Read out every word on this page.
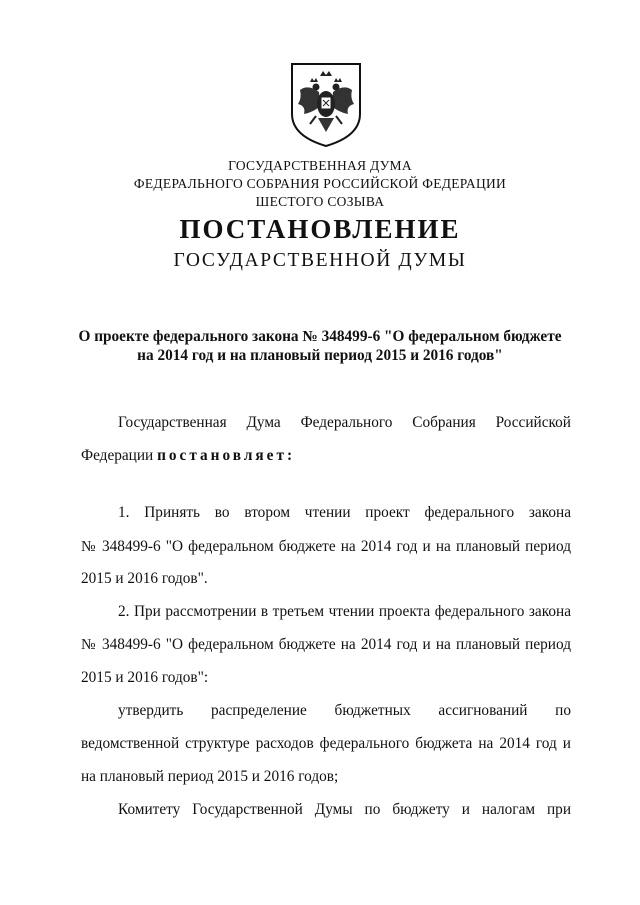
ГОСУДАРСТВЕННАЯ ДУМА
ФЕДЕРАЛЬНОГО СОБРАНИЯ РОССИЙСКОЙ ФЕДЕРАЦИИ
ШЕСТОГО СОЗЫВА
ПОСТАНОВЛЕНИЕ
ГОСУДАРСТВЕННОЙ ДУМЫ
О проекте федерального закона № 348499-6 "О федеральном бюджете
на 2014 год и на плановый период 2015 и 2016 годов"
Государственная Дума Федерального Собрания Российской
Федерации постановляет:
1. Принять во втором чтении проект федерального закона
№ 348499-6 "О федеральном бюджете на 2014 год и на плановый период
2015 и 2016 годов".
2. При рассмотрении в третьем чтении проекта федерального закона
№ 348499-6 "О федеральном бюджете на 2014 год и на плановый период
2015 и 2016 годов":
утвердить распределение бюджетных ассигнований по
ведомственной структуре расходов федерального бюджета на 2014 год и
на плановый период 2015 и 2016 годов;
Комитету Государственной Думы по бюджету и налогам при
